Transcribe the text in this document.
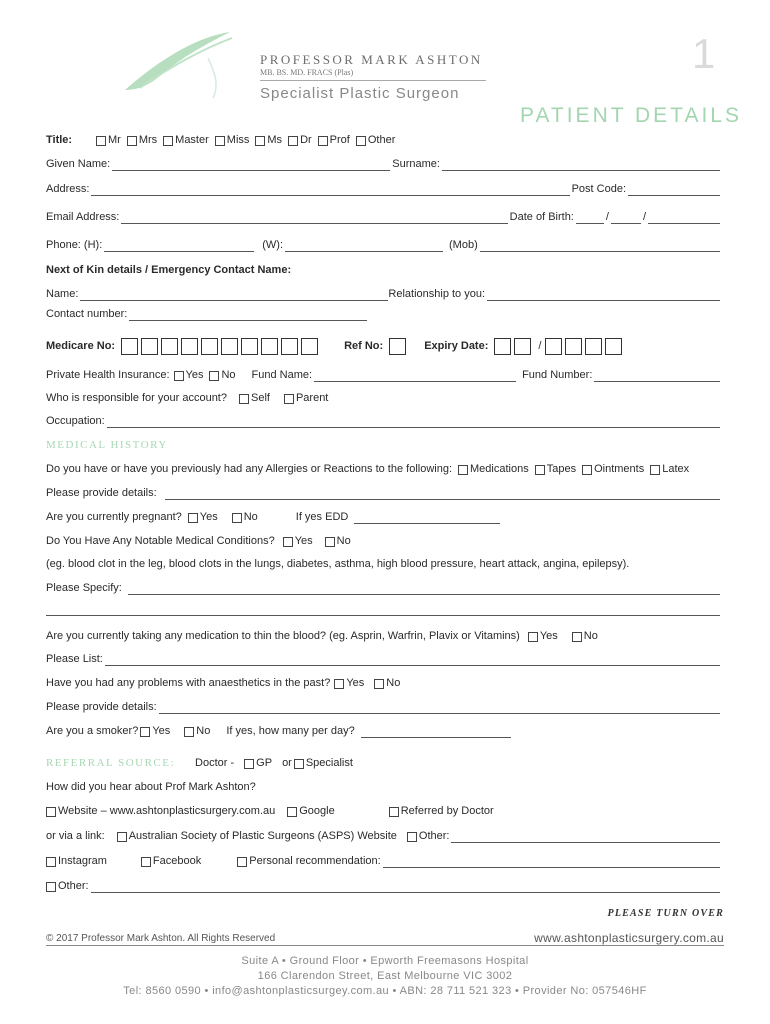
PROFESSOR MARK ASHTON
MB. BS. MD. FRACS (Plas)
Specialist Plastic Surgeon
1
PATIENT DETAILS
Title:	Mr Mrs Master Miss Ms Dr Prof Other
Given Name:	Surname:
Address:	Post Code:
Email Address:	Date of Birth:	/	/
Phone: (H):	(W):	(Mob)
Next of Kin details / Emergency Contact Name:
Name:	Relationship to you:
Contact number:
Medicare No:	Ref No:	Expiry Date:	/
Private Health Insurance: Yes No Fund Name:	Fund Number:
Who is responsible for your account? Self Parent
Occupation:
MEDICAL HISTORY
Do you have or have you previously had any Allergies or Reactions to the following: Medications Tapes Ointments Latex
Please provide details:
Are you currently pregnant? Yes No	If yes EDD
Do You Have Any Notable Medical Conditions? Yes No
(eg. blood clot in the leg, blood clots in the lungs, diabetes, asthma, high blood pressure, heart attack, angina, epilepsy).
Please Specify:
Are you currently taking any medication to thin the blood? (eg. Asprin, Warfrin, Plavix or Vitamins) Yes No
Please List:
Have you had any problems with anaesthetics in the past? Yes No
Please provide details:
Are you a smoker? Yes No If yes, how many per day?
REFERRAL SOURCE: Doctor - GP or Specialist
How did you hear about Prof Mark Ashton?
Website – www.ashtonplasticsurgery.com.au Google	Referred by Doctor
or via a link: Australian Society of Plastic Surgeons (ASPS) Website Other:
Instagram	Facebook	Personal recommendation:
Other:
PLEASE TURN OVER
© 2017 Professor Mark Ashton. All Rights Reserved	www.ashtonplasticsurgery.com.au
Suite A • Ground Floor • Epworth Freemasons Hospital
166 Clarendon Street, East Melbourne VIC 3002
Tel: 8560 0590 • info@ashtonplasticsurgey.com.au • ABN: 28 711 521 323 • Provider No: 057546HF
